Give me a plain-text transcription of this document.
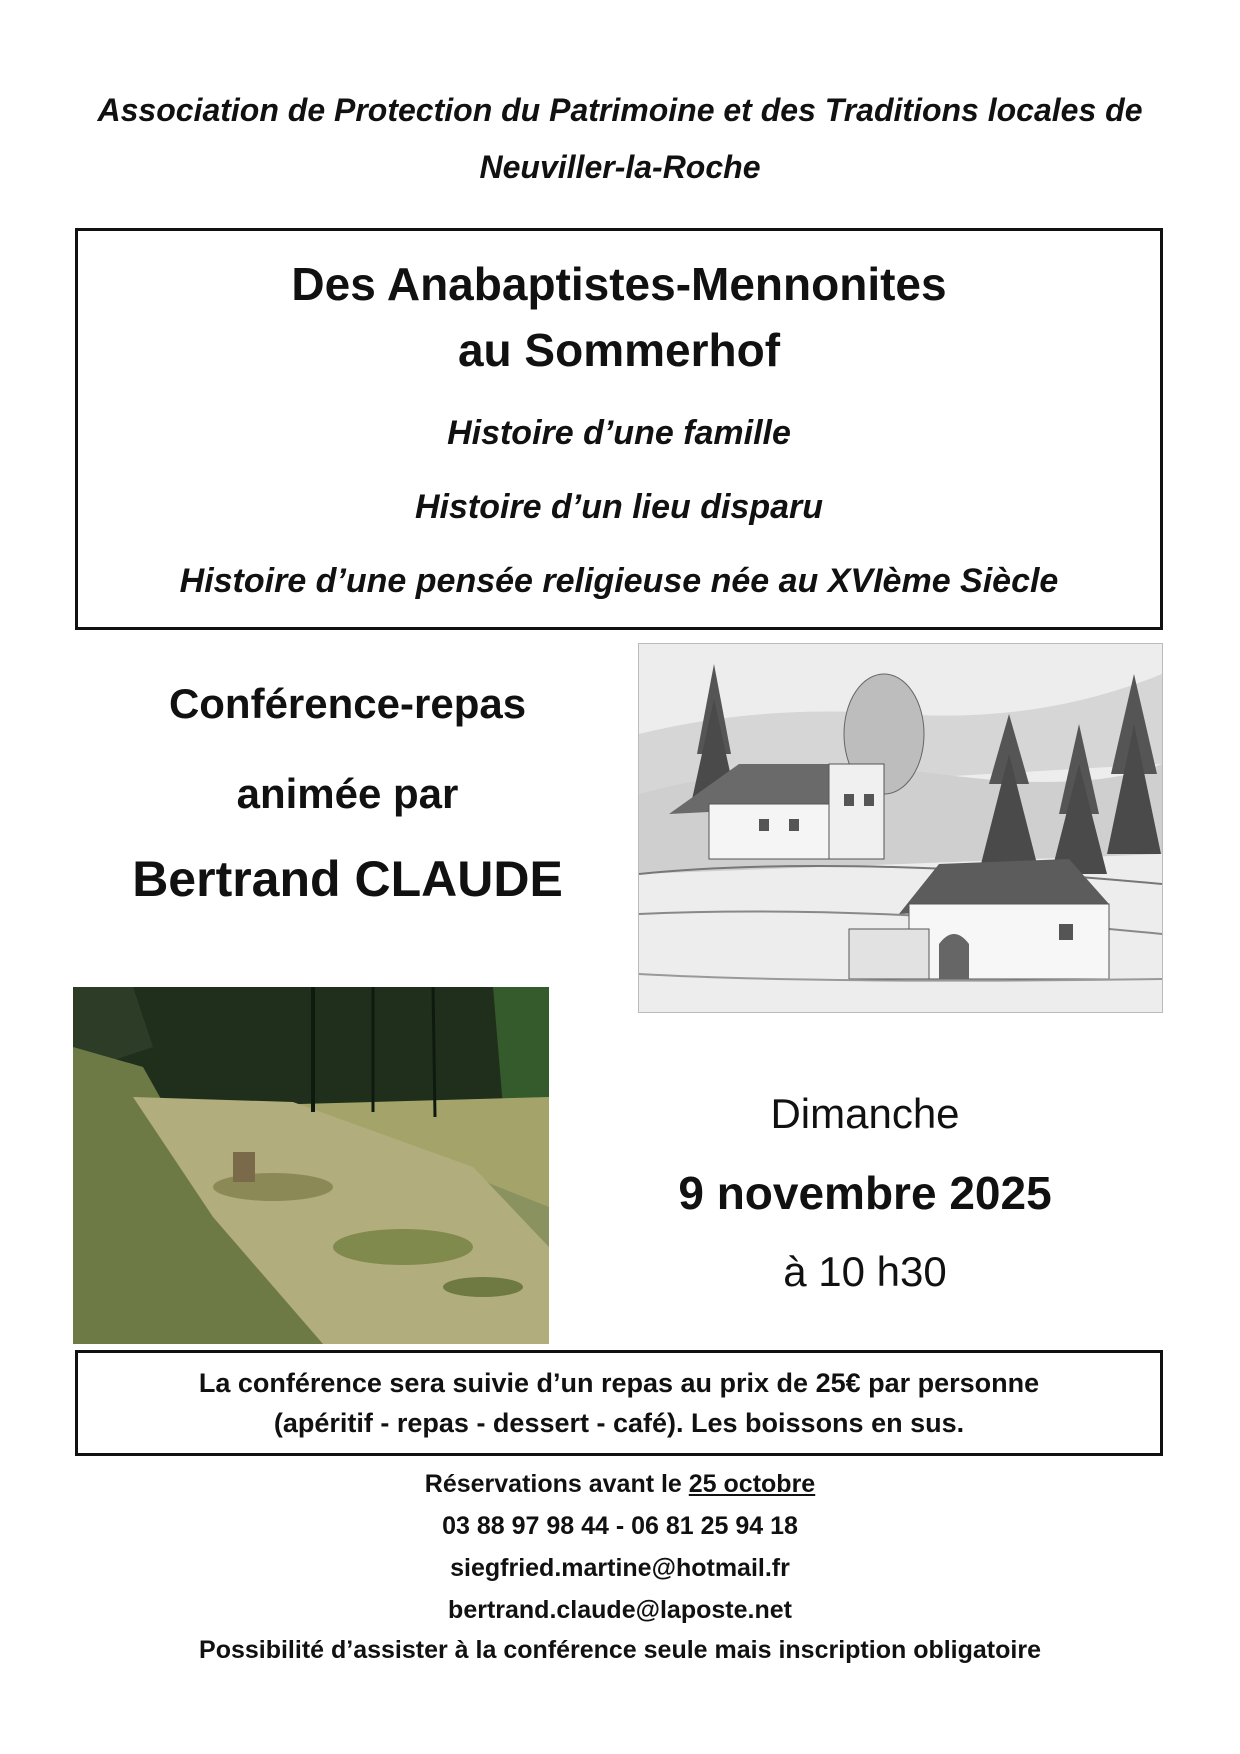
Association de Protection du Patrimoine et des Traditions locales de
Neuviller-la-Roche
Des Anabaptistes-Mennonites
au Sommerhof
Histoire d’une famille
Histoire d’un lieu disparu
Histoire d’une pensée religieuse née au XVIème Siècle
Conférence-repas
animée par
Bertrand CLAUDE
Dimanche
9 novembre 2025
à 10 h30
La conférence sera suivie d’un repas au prix de 25€ par personne
(apéritif - repas - dessert - café). Les boissons en sus.
Réservations avant le 25 octobre
03 88 97 98 44 - 06 81 25 94 18
siegfried.martine@hotmail.fr
bertrand.claude@laposte.net
Possibilité d’assister à la conférence seule mais inscription obligatoire
